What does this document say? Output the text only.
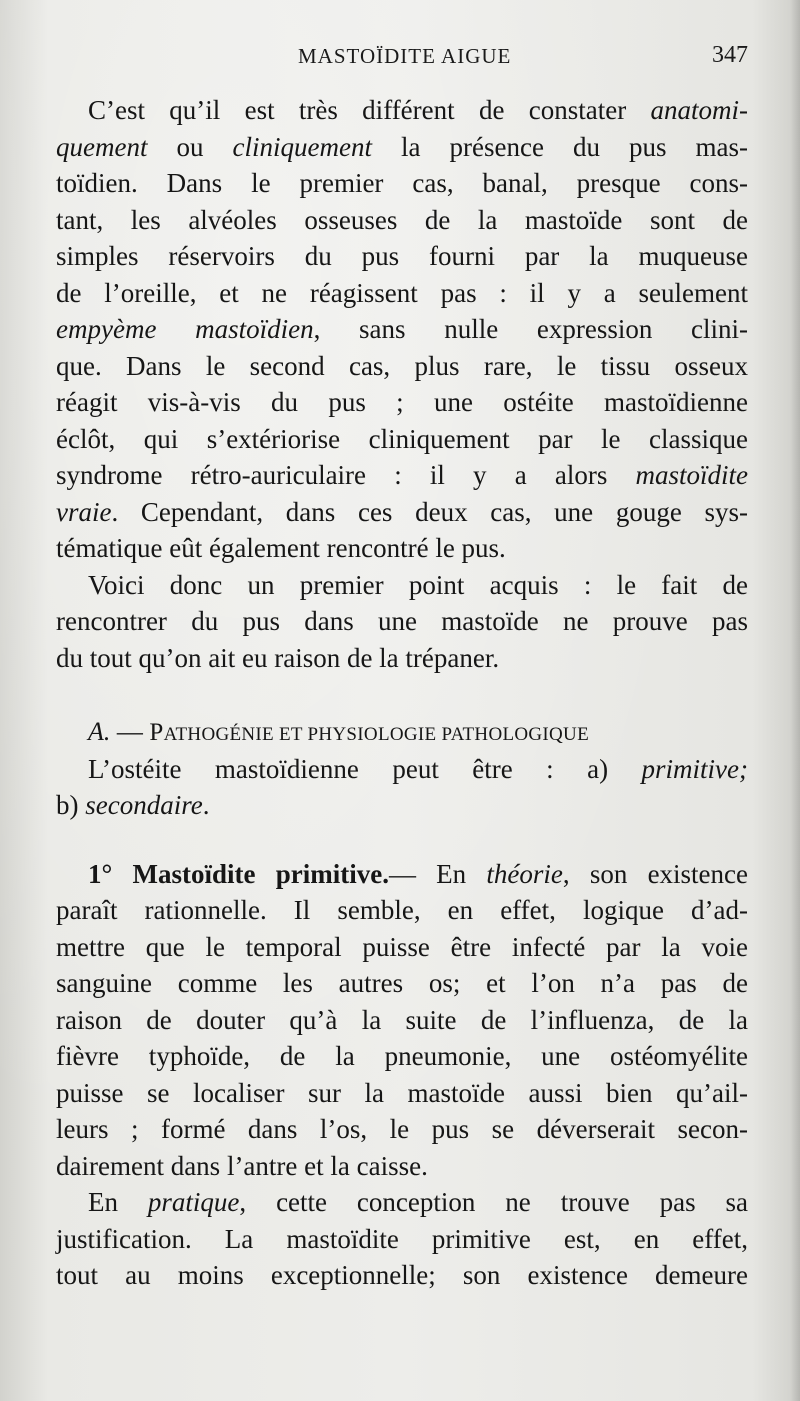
MASTOÏDITE AIGUE	347
C’est qu’il est très différent de constater anatomi-
quement ou cliniquement la présence du pus mas-
toïdien. Dans le premier cas, banal, presque cons-
tant, les alvéoles osseuses de la mastoïde sont de
simples réservoirs du pus fourni par la muqueuse
de l’oreille, et ne réagissent pas : il y a seulement
empyème mastoïdien, sans nulle expression clini-
que. Dans le second cas, plus rare, le tissu osseux
réagit vis-à-vis du pus ; une ostéite mastoïdienne
éclôt, qui s’extériorise cliniquement par le classique
syndrome rétro-auriculaire : il y a alors mastoïdite
vraie. Cependant, dans ces deux cas, une gouge sys-
tématique eût également rencontré le pus.
Voici donc un premier point acquis : le fait de
rencontrer du pus dans une mastoïde ne prouve pas
du tout qu’on ait eu raison de la trépaner.
A. — PATHOGÉNIE ET PHYSIOLOGIE PATHOLOGIQUE
L’ostéite mastoïdienne peut être : a) primitive;
b) secondaire.
1° Mastoïdite primitive.— En théorie, son existence
paraît rationnelle. Il semble, en effet, logique d’ad-
mettre que le temporal puisse être infecté par la voie
sanguine comme les autres os; et l’on n’a pas de
raison de douter qu’à la suite de l’influenza, de la
fièvre typhoïde, de la pneumonie, une ostéomyélite
puisse se localiser sur la mastoïde aussi bien qu’ail-
leurs ; formé dans l’os, le pus se déverserait secon-
dairement dans l’antre et la caisse.
En pratique, cette conception ne trouve pas sa
justification. La mastoïdite primitive est, en effet,
tout au moins exceptionnelle; son existence demeure
